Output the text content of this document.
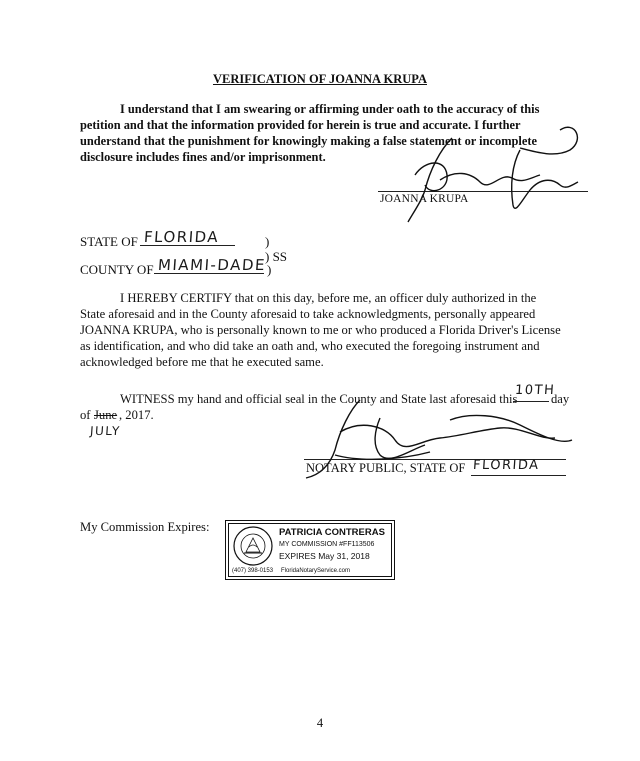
VERIFICATION OF JOANNA KRUPA
I understand that I am swearing or affirming under oath to the accuracy of this petition and that the information provided for herein is true and accurate. I further understand that the punishment for knowingly making a false statement or incomplete disclosure includes fines and/or imprisonment.
JOANNA KRUPA
STATE OF FLORIDA	)
) SS
COUNTY OF MIAMI-DADE )
I HEREBY CERTIFY that on this day, before me, an officer duly authorized in the State aforesaid and in the County aforesaid to take acknowledgments, personally appeared JOANNA KRUPA, who is personally known to me or who produced a Florida Driver's License as identification, and who did take an oath and, who executed the foregoing instrument and acknowledged before me that he executed same.
WITNESS my hand and official seal in the County and State last aforesaid this
10TH
day
of June , 2017.
JULY
NOTARY PUBLIC, STATE OF FLORIDA
My Commission Expires:	PATRICIA CONTRERAS
MY COMMISSION #FF113506
EXPIRES May 31, 2018
(407) 398-0153 FloridaNotaryService.com
4
